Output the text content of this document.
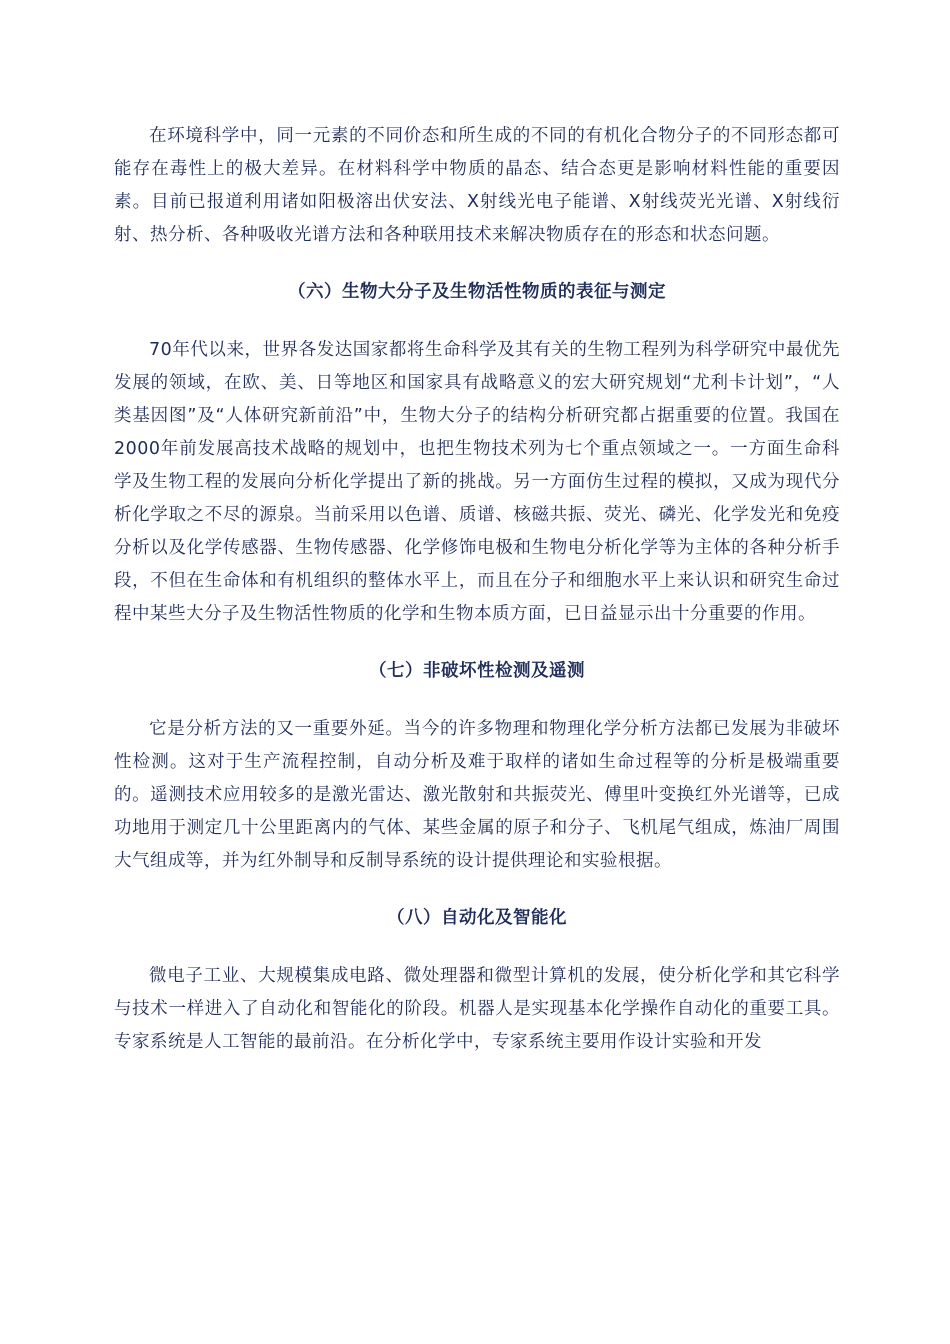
在环境科学中，同一元素的不同价态和所生成的不同的有机化合物分子的不同形态都可能存在毒性上的极大差异。在材料科学中物质的晶态、结合态更是影响材料性能的重要因素。目前已报道利用诸如阳极溶出伏安法、X射线光电子能谱、X射线荧光光谱、X射线衍射、热分析、各种吸收光谱方法和各种联用技术来解决物质存在的形态和状态问题。

（六）生物大分子及生物活性物质的表征与测定

70年代以来，世界各发达国家都将生命科学及其有关的生物工程列为科学研究中最优先发展的领域，在欧、美、日等地区和国家具有战略意义的宏大研究规划“尤利卡计划”，“人类基因图”及“人体研究新前沿”中，生物大分子的结构分析研究都占据重要的位置。我国在2000年前发展高技术战略的规划中，也把生物技术列为七个重点领域之一。一方面生命科学及生物工程的发展向分析化学提出了新的挑战。另一方面仿生过程的模拟，又成为现代分析化学取之不尽的源泉。当前采用以色谱、质谱、核磁共振、荧光、磷光、化学发光和免疫分析以及化学传感器、生物传感器、化学修饰电极和生物电分析化学等为主体的各种分析手段，不但在生命体和有机组织的整体水平上，而且在分子和细胞水平上来认识和研究生命过程中某些大分子及生物活性物质的化学和生物本质方面，已日益显示出十分重要的作用。

（七）非破坏性检测及遥测

它是分析方法的又一重要外延。当今的许多物理和物理化学分析方法都已发展为非破坏性检测。这对于生产流程控制，自动分析及难于取样的诸如生命过程等的分析是极端重要的。遥测技术应用较多的是激光雷达、激光散射和共振荧光、傅里叶变换红外光谱等，已成功地用于测定几十公里距离内的气体、某些金属的原子和分子、飞机尾气组成，炼油厂周围大气组成等，并为红外制导和反制导系统的设计提供理论和实验根据。

（八）自动化及智能化

微电子工业、大规模集成电路、微处理器和微型计算机的发展，使分析化学和其它科学与技术一样进入了自动化和智能化的阶段。机器人是实现基本化学操作自动化的重要工具。专家系统是人工智能的最前沿。在分析化学中，专家系统主要用作设计实验和开发
